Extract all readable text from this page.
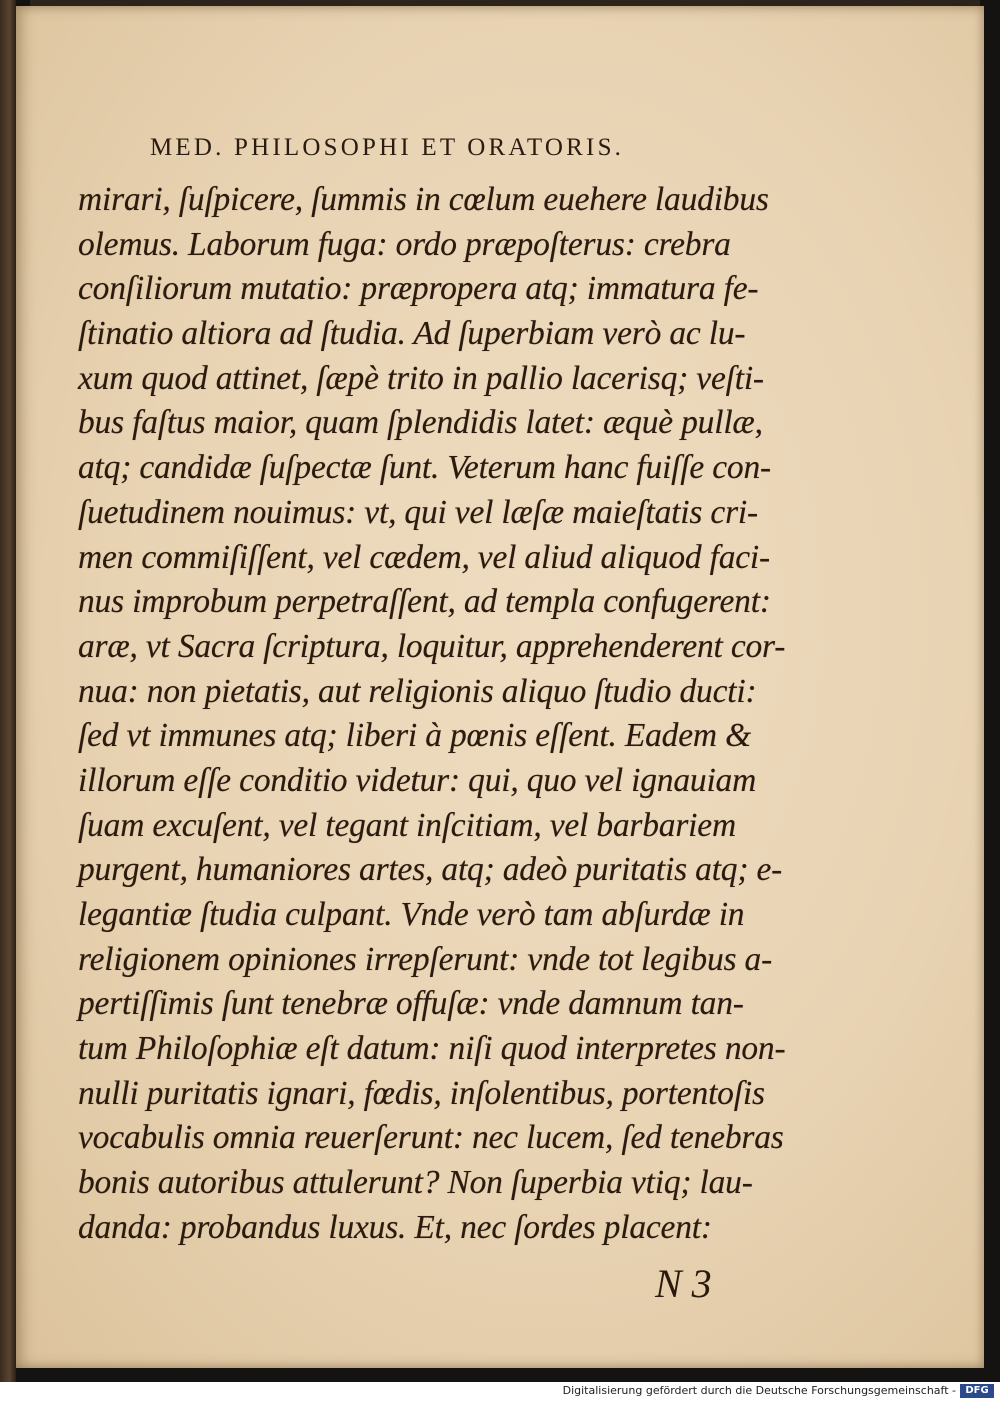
MED. PHILOSOPHI ET ORATORIS.
mirari, ſuſpicere, ſummis in cœlum euehere laudibus
olemus. Laborum fuga: ordo præpoſterus: crebra
conſiliorum mutatio: præpropera atq; immatura fe-
ſtinatio altiora ad ſtudia. Ad ſuperbiam verò ac lu-
xum quod attinet, ſæpè trito in pallio lacerisq; veſti-
bus faſtus maior, quam ſplendidis latet: æquè pullæ,
atq; candidæ ſuſpectæ ſunt. Veterum hanc fuiſſe con-
ſuetudinem nouimus: vt, qui vel læſæ maieſtatis cri-
men commiſiſſent, vel cædem, vel aliud aliquod faci-
nus improbum perpetraſſent, ad templa confugerent:
aræ, vt Sacra ſcriptura, loquitur, apprehenderent cor-
nua: non pietatis, aut religionis aliquo ſtudio ducti:
ſed vt immunes atq; liberi à pœnis eſſent. Eadem &
illorum eſſe conditio videtur: qui, quo vel ignauiam
ſuam excuſent, vel tegant inſcitiam, vel barbariem
purgent, humaniores artes, atq; adeò puritatis atq; e-
legantiæ ſtudia culpant. Vnde verò tam abſurdæ in
religionem opiniones irrepſerunt: vnde tot legibus a-
pertiſſimis ſunt tenebræ offuſæ: vnde damnum tan-
tum Philoſophiæ eſt datum: niſi quod interpretes non-
nulli puritatis ignari, fœdis, inſolentibus, portentoſis
vocabulis omnia reuerſerunt: nec lucem, ſed tenebras
bonis autoribus attulerunt? Non ſuperbia vtiq; lau-
danda: probandus luxus. Et, nec ſordes placent:
N 3
Digitalisierung gefördert durch die Deutsche Forschungsgemeinschaft - DFG
